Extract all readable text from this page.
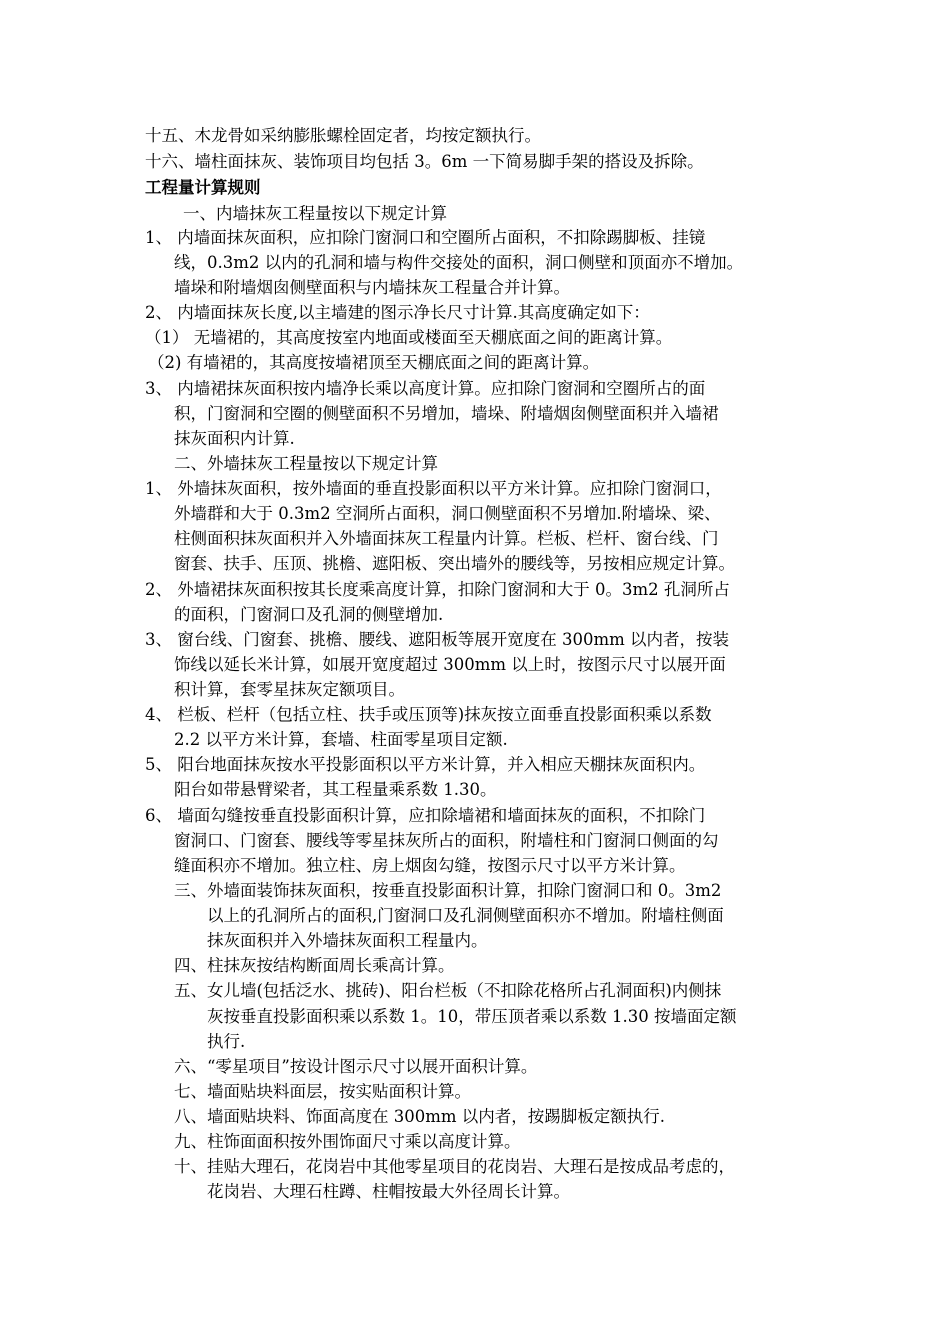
十五、木龙骨如采纳膨胀螺栓固定者，均按定额执行。
十六、墙柱面抹灰、装饰项目均包括 3。6m 一下简易脚手架的搭设及拆除。
工程量计算规则
一、内墙抹灰工程量按以下规定计算
1、 内墙面抹灰面积，应扣除门窗洞口和空圈所占面积，不扣除踢脚板、挂镜
线，0.3m2 以内的孔洞和墙与构件交接处的面积，洞口侧壁和顶面亦不增加。
墙垛和附墙烟囱侧壁面积与内墙抹灰工程量合并计算。
2、 内墙面抹灰长度,以主墙建的图示净长尺寸计算.其高度确定如下：
（1） 无墙裙的，其高度按室内地面或楼面至天棚底面之间的距离计算。
（2) 有墙裙的，其高度按墙裙顶至天棚底面之间的距离计算。
3、 内墙裙抹灰面积按内墙净长乘以高度计算。应扣除门窗洞和空圈所占的面
积，门窗洞和空圈的侧壁面积不另增加，墙垛、附墙烟囱侧壁面积并入墙裙
抹灰面积内计算.
二、外墙抹灰工程量按以下规定计算
1、 外墙抹灰面积，按外墙面的垂直投影面积以平方米计算。应扣除门窗洞口，
外墙群和大于 0.3m2 空洞所占面积，洞口侧壁面积不另增加.附墙垛、梁、
柱侧面积抹灰面积并入外墙面抹灰工程量内计算。栏板、栏杆、窗台线、门
窗套、扶手、压顶、挑檐、遮阳板、突出墙外的腰线等，另按相应规定计算。
2、 外墙裙抹灰面积按其长度乘高度计算，扣除门窗洞和大于 0。3m2 孔洞所占
的面积，门窗洞口及孔洞的侧壁增加.
3、 窗台线、门窗套、挑檐、腰线、遮阳板等展开宽度在 300mm 以内者，按装
饰线以延长米计算，如展开宽度超过 300mm 以上时，按图示尺寸以展开面
积计算，套零星抹灰定额项目。
4、 栏板、栏杆（包括立柱、扶手或压顶等)抹灰按立面垂直投影面积乘以系数
2.2 以平方米计算，套墙、柱面零星项目定额.
5、 阳台地面抹灰按水平投影面积以平方米计算，并入相应天棚抹灰面积内。
阳台如带悬臂梁者，其工程量乘系数 1.30。
6、 墙面勾缝按垂直投影面积计算，应扣除墙裙和墙面抹灰的面积，不扣除门
窗洞口、门窗套、腰线等零星抹灰所占的面积，附墙柱和门窗洞口侧面的勾
缝面积亦不增加。独立柱、房上烟囱勾缝，按图示尺寸以平方米计算。
三、外墙面装饰抹灰面积，按垂直投影面积计算，扣除门窗洞口和 0。3m2
以上的孔洞所占的面积,门窗洞口及孔洞侧壁面积亦不增加。附墙柱侧面
抹灰面积并入外墙抹灰面积工程量内。
四、柱抹灰按结构断面周长乘高计算。
五、女儿墙(包括泛水、挑砖)、阳台栏板（不扣除花格所占孔洞面积)内侧抹
灰按垂直投影面积乘以系数 1。10，带压顶者乘以系数 1.30 按墙面定额
执行.
六、“零星项目”按设计图示尺寸以展开面积计算。
七、墙面贴块料面层，按实贴面积计算。
八、墙面贴块料、饰面高度在 300mm 以内者，按踢脚板定额执行.
九、柱饰面面积按外围饰面尺寸乘以高度计算。
十、挂贴大理石，花岗岩中其他零星项目的花岗岩、大理石是按成品考虑的，
花岗岩、大理石柱蹲、柱帽按最大外径周长计算。
